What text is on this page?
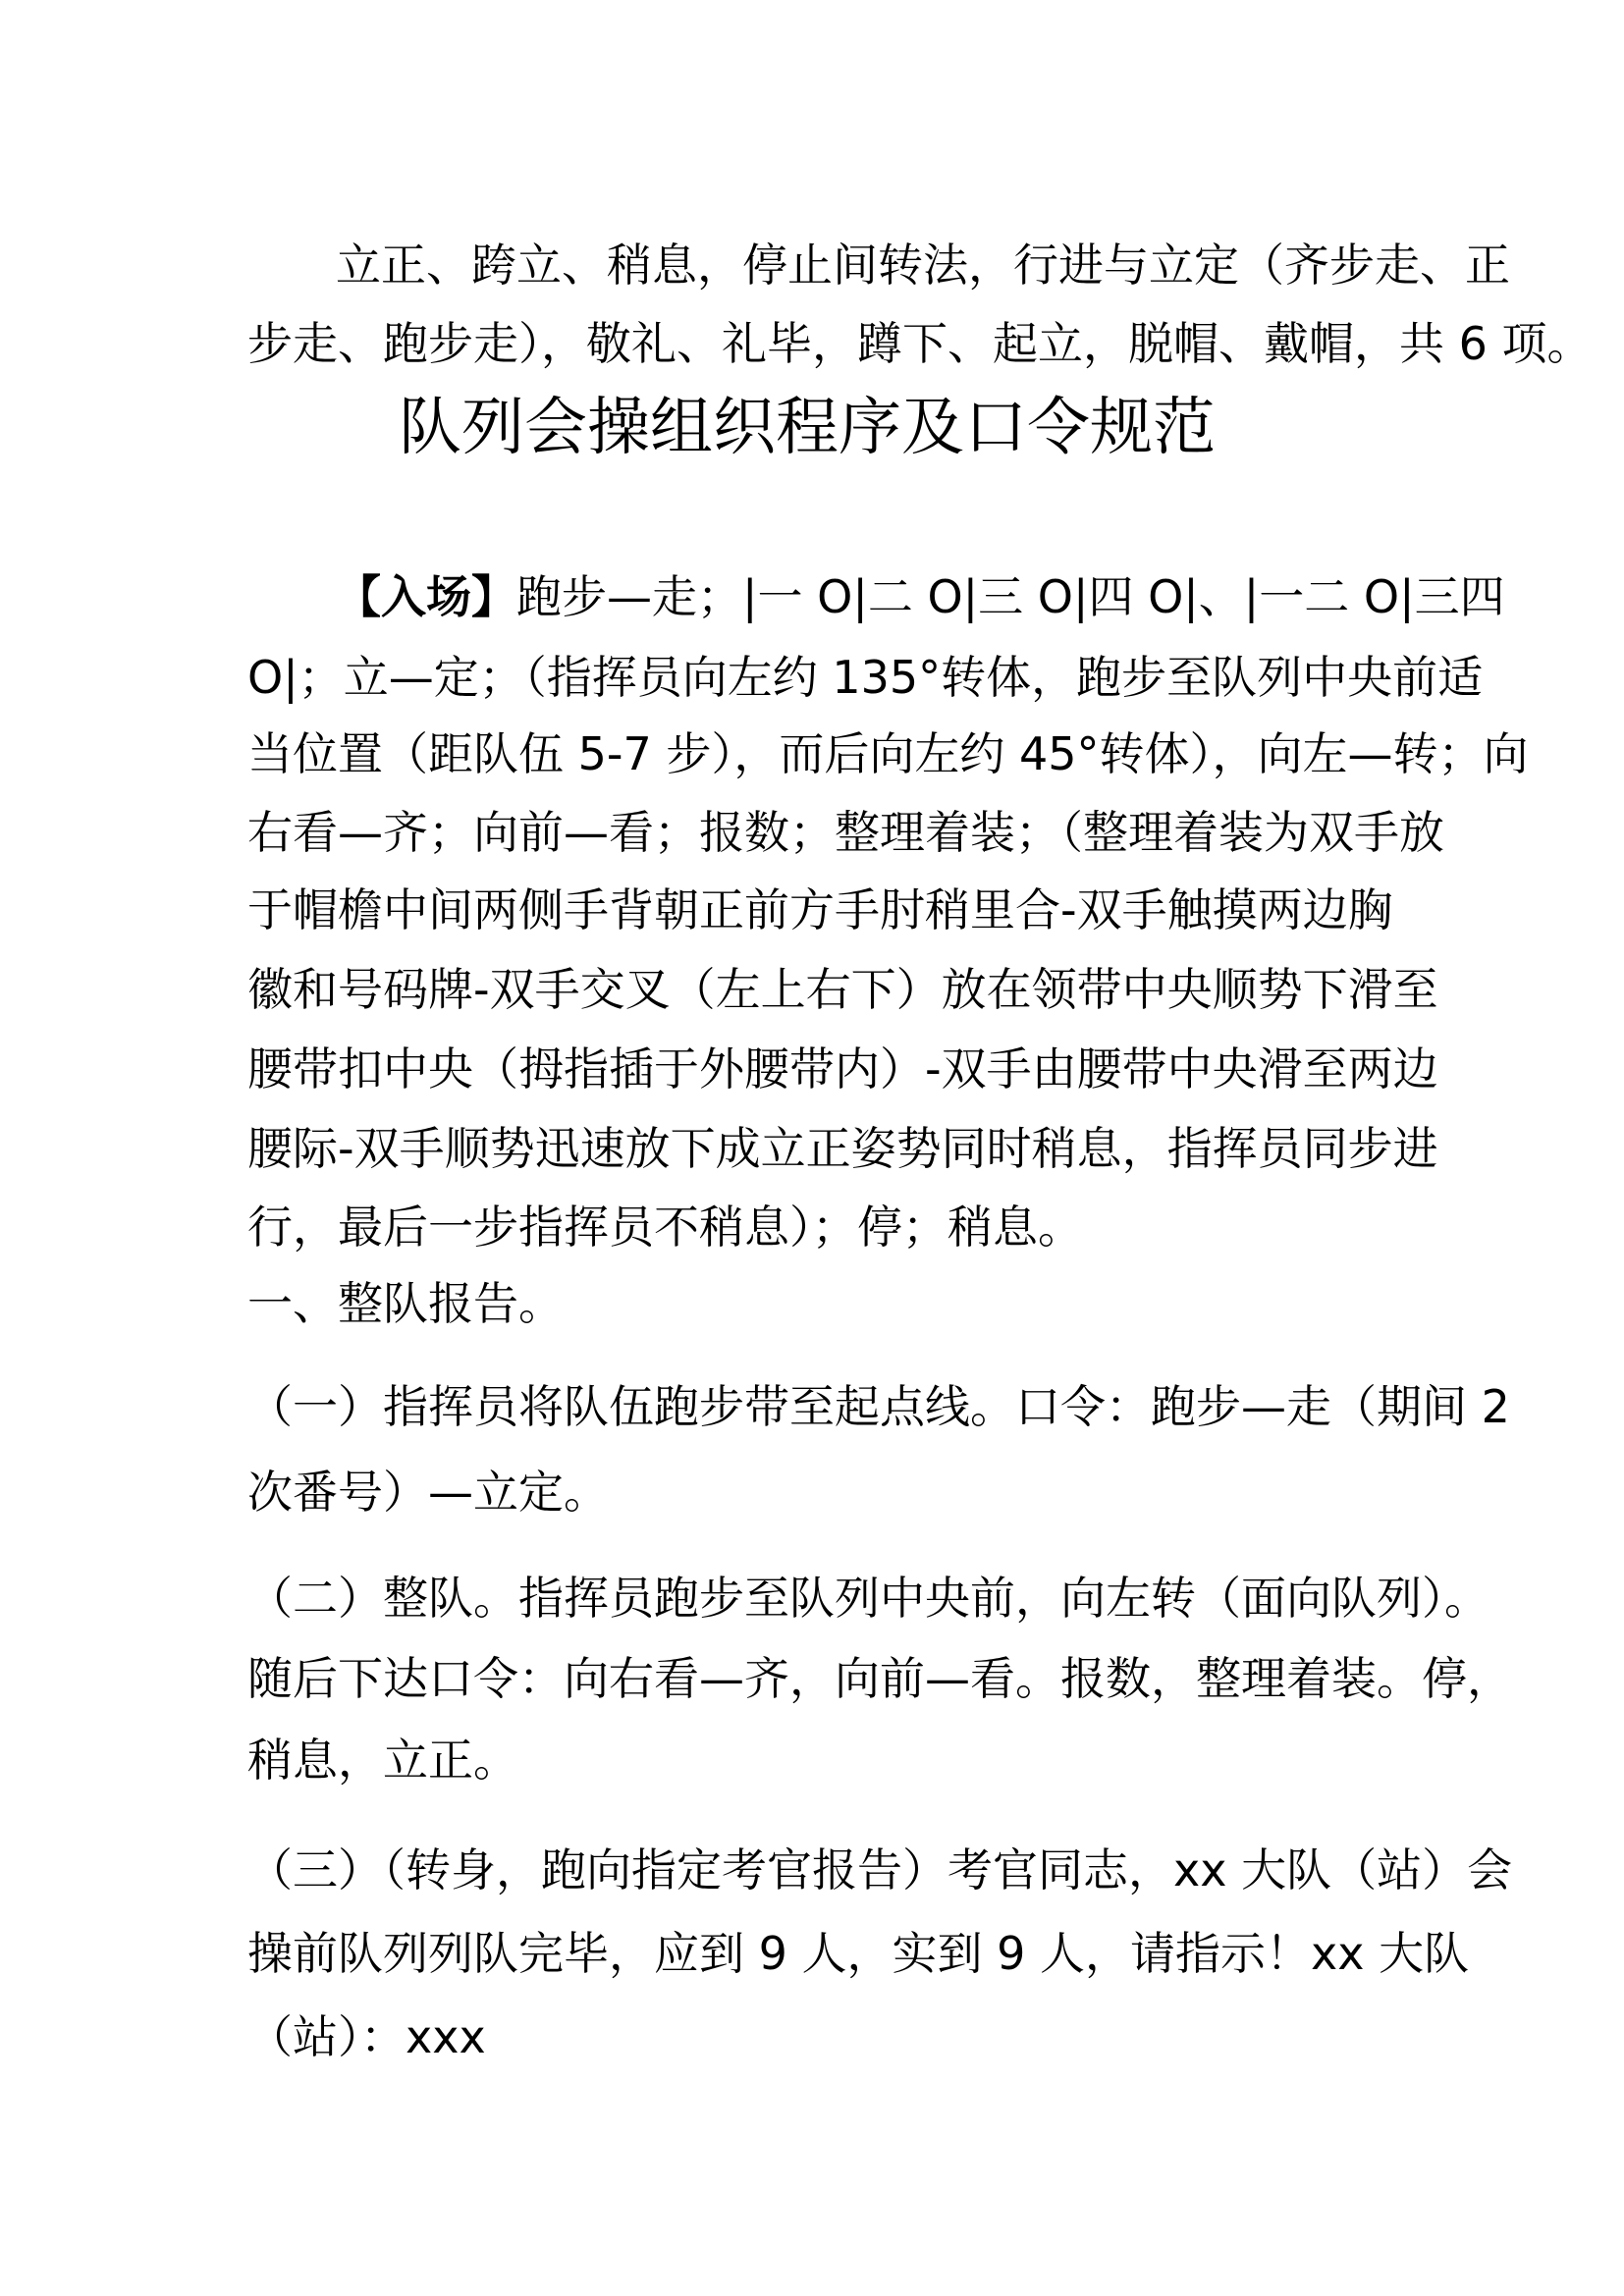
队列会操组织程序及口令规范
立正、跨立、稍息，停止间转法，行进与立定（齐步走、正
步走、跑步走），敬礼、礼毕，蹲下、起立，脱帽、戴帽，共 6 项。
【入场】跑步—走；|一 O|二 O|三 O|四 O|、|一二 O|三四
O|；立—定；（指挥员向左约 135°转体，跑步至队列中央前适
当位置（距队伍 5-7 步），而后向左约 45°转体），向左—转；向
右看—齐；向前—看；报数；整理着装；（整理着装为双手放
于帽檐中间两侧手背朝正前方手肘稍里合-双手触摸两边胸
徽和号码牌-双手交叉（左上右下）放在领带中央顺势下滑至
腰带扣中央（拇指插于外腰带内）-双手由腰带中央滑至两边
腰际-双手顺势迅速放下成立正姿势同时稍息，指挥员同步进
行，最后一步指挥员不稍息）；停；稍息。
一、整队报告。
（一）指挥员将队伍跑步带至起点线。口令：跑步—走（期间 2
次番号）—立定。
（二）整队。指挥员跑步至队列中央前，向左转（面向队列）。
随后下达口令：向右看—齐，向前—看。报数，整理着装。停，
稍息，立正。
（三）（转身，跑向指定考官报告）考官同志，xx 大队（站）会
操前队列列队完毕，应到 9 人，实到 9 人，请指示！xx 大队
（站）：xxx
